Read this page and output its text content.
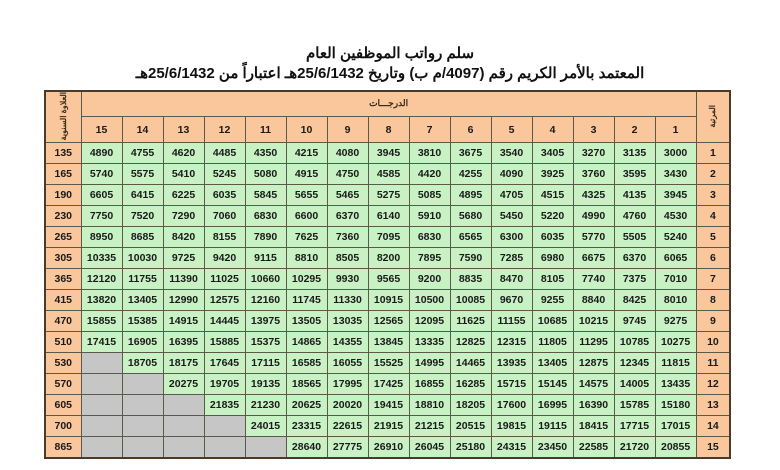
سلم رواتب الموظفين العام
المعتمد بالأمر الكريم رقم (4097/م ب) وتاريخ 25/6/1432هـ اعتباراً من 25/6/1432هـ
العلاوة السنوية	الدرجـــات															المرتبة
	15	14	13	12	11	10	9	8	7	6	5	4	3	2	1	
135	4890	4755	4620	4485	4350	4215	4080	3945	3810	3675	3540	3405	3270	3135	3000	1
165	5740	5575	5410	5245	5080	4915	4750	4585	4420	4255	4090	3925	3760	3595	3430	2
190	6605	6415	6225	6035	5845	5655	5465	5275	5085	4895	4705	4515	4325	4135	3945	3
230	7750	7520	7290	7060	6830	6600	6370	6140	5910	5680	5450	5220	4990	4760	4530	4
265	8950	8685	8420	8155	7890	7625	7360	7095	6830	6565	6300	6035	5770	5505	5240	5
305	10335	10030	9725	9420	9115	8810	8505	8200	7895	7590	7285	6980	6675	6370	6065	6
365	12120	11755	11390	11025	10660	10295	9930	9565	9200	8835	8470	8105	7740	7375	7010	7
415	13820	13405	12990	12575	12160	11745	11330	10915	10500	10085	9670	9255	8840	8425	8010	8
470	15855	15385	14915	14445	13975	13505	13035	12565	12095	11625	11155	10685	10215	9745	9275	9
510	17415	16905	16395	15885	15375	14865	14355	13845	13335	12825	12315	11805	11295	10785	10275	10
530		18705	18175	17645	17115	16585	16055	15525	14995	14465	13935	13405	12875	12345	11815	11
570			20275	19705	19135	18565	17995	17425	16855	16285	15715	15145	14575	14005	13435	12
605				21835	21230	20625	20020	19415	18810	18205	17600	16995	16390	15785	15180	13
700					24015	23315	22615	21915	21215	20515	19815	19115	18415	17715	17015	14
865						28640	27775	26910	26045	25180	24315	23450	22585	21720	20855	15
